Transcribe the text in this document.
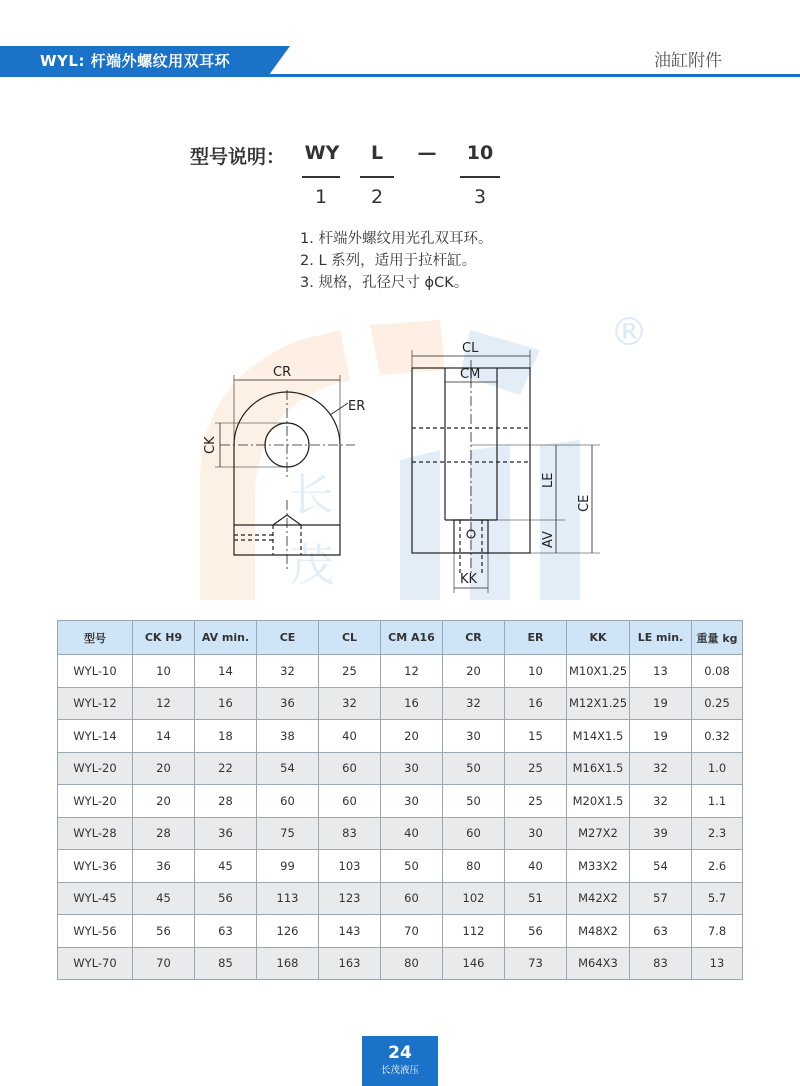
WYL: 杆端外螺纹用双耳环	油缸附件
®
长
茂
型号说明： WY	L	—	10
1	2	3
1. 杆端外螺纹用光孔双耳环。
2. L 系列，适用于拉杆缸。
3. 规格，孔径尺寸 ϕCK。
CR
ER
CK
CL
CM
LE
AV
CE
KK
型号	CK H9	AV min.	CE	CL	CM A16	CR	ER	KK	LE min.	重量 kg
WYL-10	10	14	32	25	12	20	10	M10X1.25	13	0.08
WYL-12	12	16	36	32	16	32	16	M12X1.25	19	0.25
WYL-14	14	18	38	40	20	30	15	M14X1.5	19	0.32
WYL-20	20	22	54	60	30	50	25	M16X1.5	32	1.0
WYL-20	20	28	60	60	30	50	25	M20X1.5	32	1.1
WYL-28	28	36	75	83	40	60	30	M27X2	39	2.3
WYL-36	36	45	99	103	50	80	40	M33X2	54	2.6
WYL-45	45	56	113	123	60	102	51	M42X2	57	5.7
WYL-56	56	63	126	143	70	112	56	M48X2	63	7.8
WYL-70	70	85	168	163	80	146	73	M64X3	83	13
24
长茂液压
